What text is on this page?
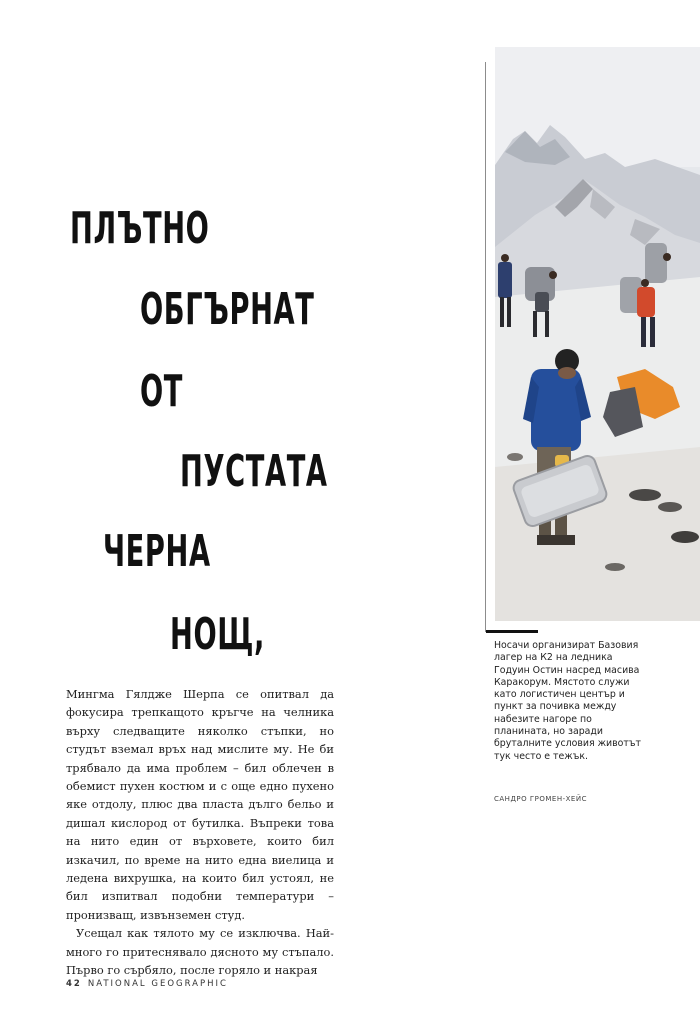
ПЛЪТНО
ОБГЪРНАТ
ОТ
ПУСТАТА
ЧЕРНА
НОЩ,

Мингма Гялдже Шерпа се опитвал да фокусира трепкащото кръгче на челника върху следващите няколко стъпки, но студът вземал връх над мислите му. Не би трябвало да има проблем – бил облечен в обемист пухен костюм и с още едно пухено яке отдолу, плюс два пласта дълго бельо и дишал кислород от бутилка. Въпреки това на нито един от върховете, които бил изкачил, по време на нито една виелица и ледена вихрушка, на които бил устоял, не бил изпитвал подобни температури – пронизващ, извънземен студ.

Усещал как тялото му се изключва. Най-много го притеснявало дясното му стъпало. Първо го сърбяло, после горяло и накрая

Носачи организират Базовия лагер на К2 на ледника Годуин Остин насред масива Каракорум. Мястото служи като логистичен център и пункт за почивка между набезите нагоре по планината, но заради бруталните условия животът тук често е тежък.
САНДРО ГРОМЕН-ХЕЙС
42 NATIONAL GEOGRAPHIC
